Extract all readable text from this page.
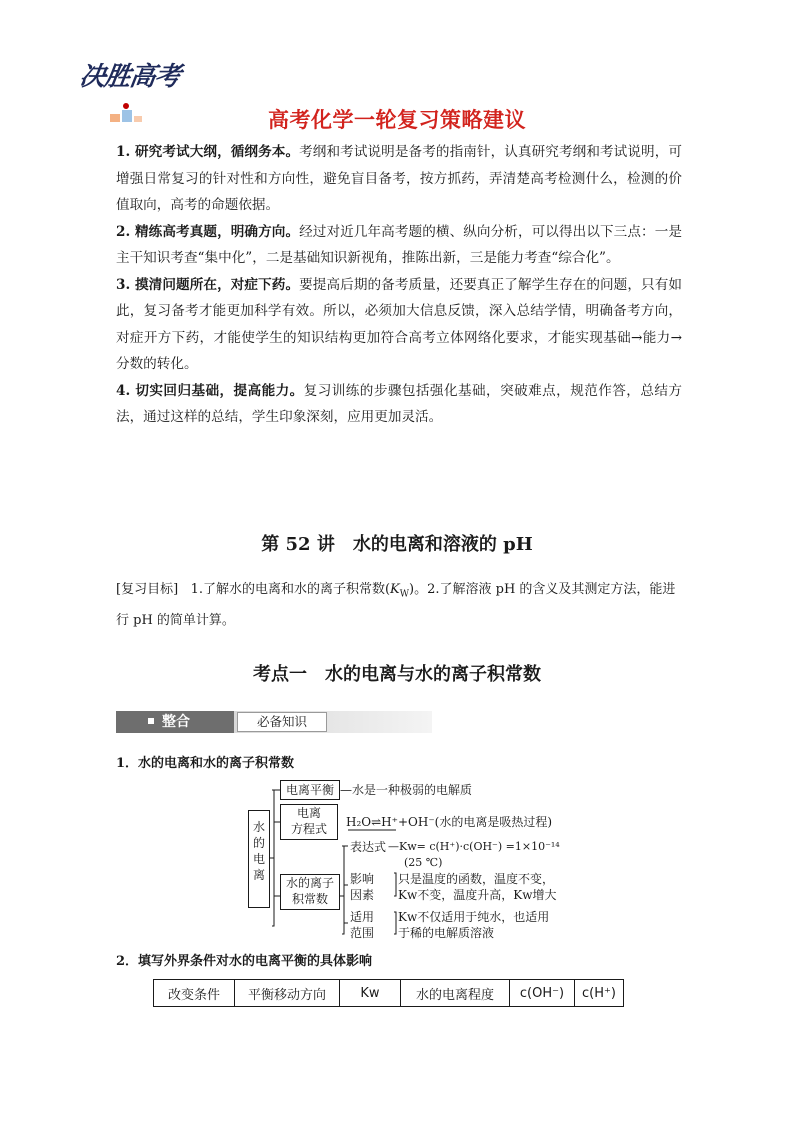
决胜高考
高考化学一轮复习策略建议

1. 研究考试大纲，循纲务本。考纲和考试说明是备考的指南针，认真研究考纲和考试说明，可增强日常复习的针对性和方向性，避免盲目备考，按方抓药，弄清楚高考检测什么，检测的价值取向，高考的命题依据。

2. 精练高考真题，明确方向。经过对近几年高考题的横、纵向分析，可以得出以下三点：一是主干知识考查“集中化”，二是基础知识新视角，推陈出新，三是能力考查“综合化”。

3. 摸清问题所在，对症下药。要提高后期的备考质量，还要真正了解学生存在的问题，只有如此，复习备考才能更加科学有效。所以，必须加大信息反馈，深入总结学情，明确备考方向，对症开方下药，才能使学生的知识结构更加符合高考立体网络化要求，才能实现基础→能力→分数的转化。

4. 切实回归基础，提高能力。复习训练的步骤包括强化基础，突破难点，规范作答，总结方法，通过这样的总结，学生印象深刻，应用更加灵活。

第 52 讲　水的电离和溶液的 pH
[复习目标] 1.了解水的电离和水的离子积常数$(K_W)$。2.了解溶液 pH 的含义及其测定方法，能进行 pH 的简单计算。
考点一　水的电离与水的离子积常数
整合	必备知识
1．水的电离和水的离子积常数
水的电离
电离平衡 —水是一种极弱的电解质
电离
方程式	H₂O⇌H⁺+OH⁻(水的电离是吸热过程)
水的离子
积常数
表达式 —Kw= c(H⁺)·c(OH⁻) =1×10⁻¹⁴
(25 ℃)
影响
因素
只是温度的函数，温度不变，
Kw不变，温度升高，Kw增大
适用
范围
Kw不仅适用于纯水，也适用
于稀的电解质溶液
2．填写外界条件对水的电离平衡的具体影响
改变条件	平衡移动方向	Kw	水的电离程度	c(OH⁻)	c(H⁺)
